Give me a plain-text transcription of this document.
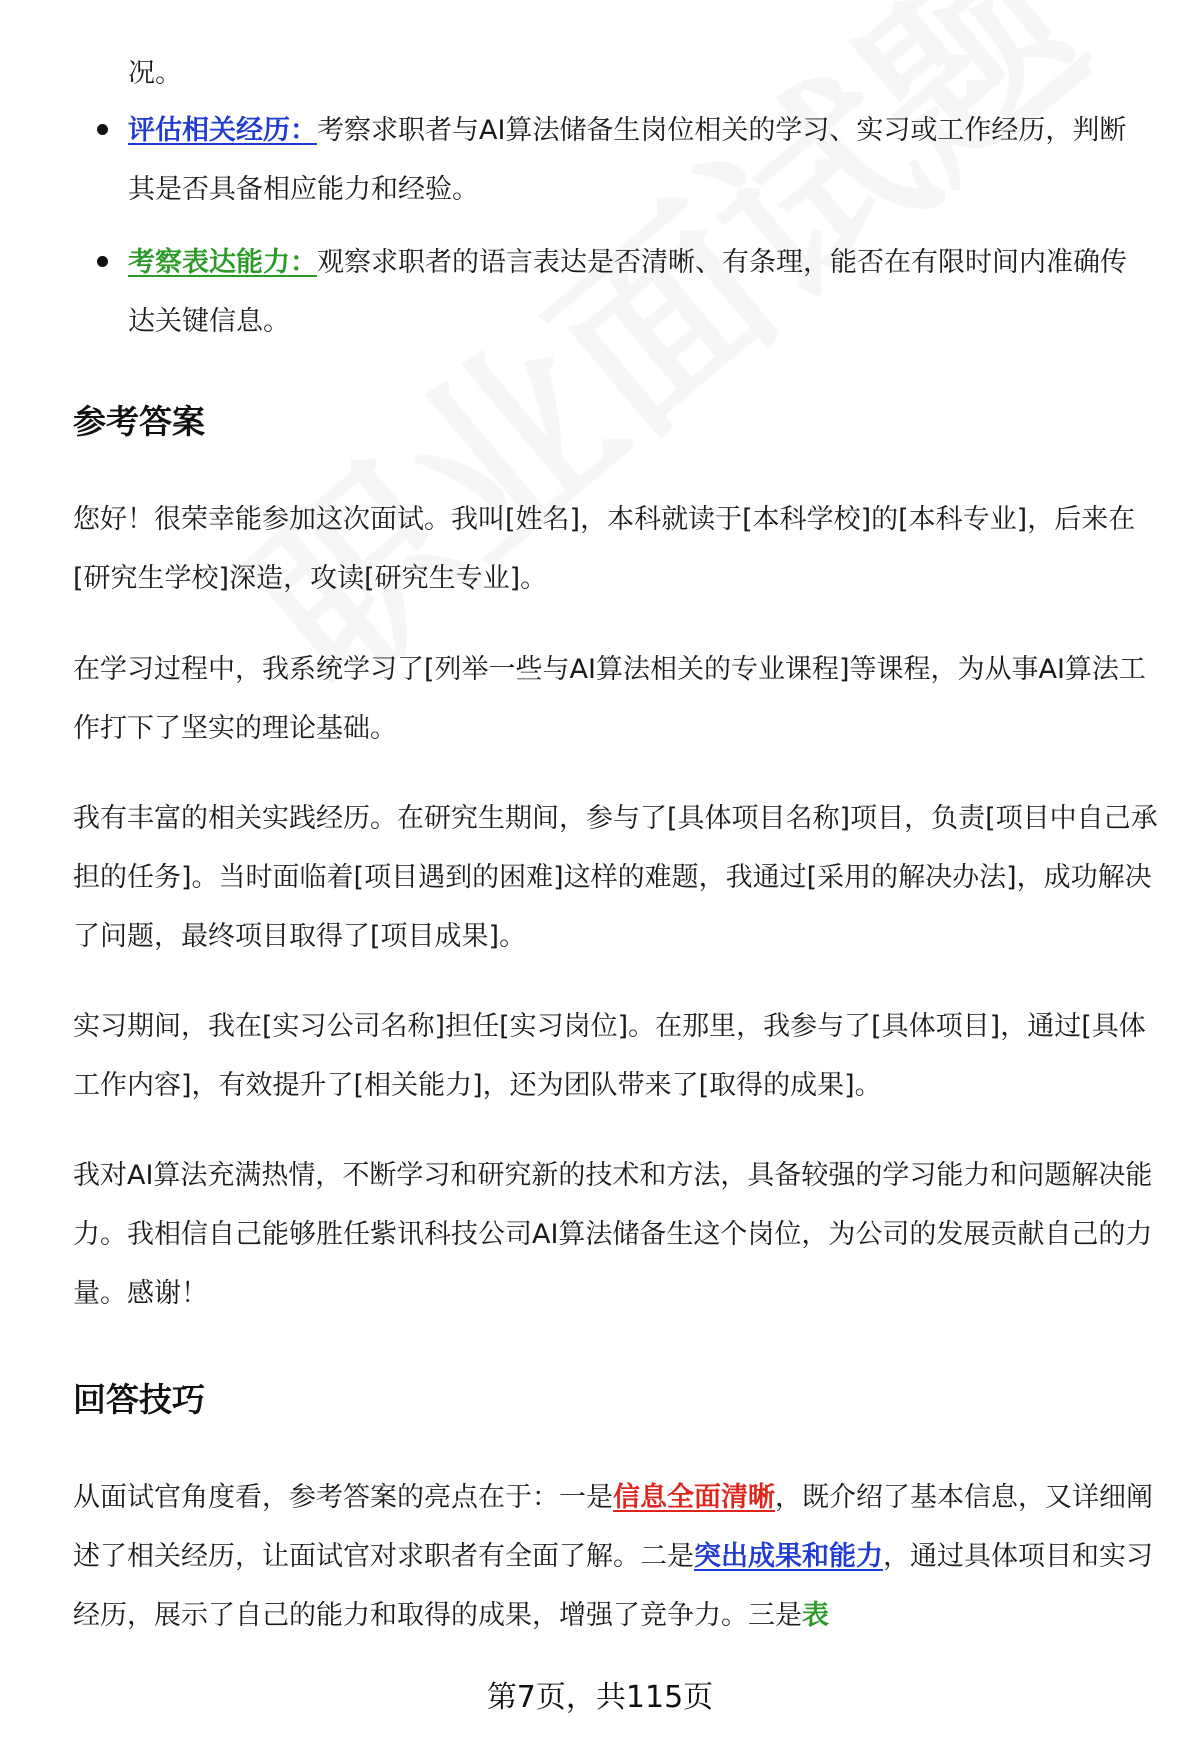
况。

评估相关经历：考察求职者与AI算法储备生岗位相关的学习、实习或工作经历，判断其是否具备相应能力和经验。

考察表达能力：观察求职者的语言表达是否清晰、有条理，能否在有限时间内准确传达关键信息。

参考答案

您好！很荣幸能参加这次面试。我叫[姓名]，本科就读于[本科学校]的[本科专业]，后来在[研究生学校]深造，攻读[研究生专业]。

在学习过程中，我系统学习了[列举一些与AI算法相关的专业课程]等课程，为从事AI算法工作打下了坚实的理论基础。

我有丰富的相关实践经历。在研究生期间，参与了[具体项目名称]项目，负责[项目中自己承担的任务]。当时面临着[项目遇到的困难]这样的难题，我通过[采用的解决办法]，成功解决了问题，最终项目取得了[项目成果]。

实习期间，我在[实习公司名称]担任[实习岗位]。在那里，我参与了[具体项目]，通过[具体工作内容]，有效提升了[相关能力]，还为团队带来了[取得的成果]。

我对AI算法充满热情，不断学习和研究新的技术和方法，具备较强的学习能力和问题解决能力。我相信自己能够胜任紫讯科技公司AI算法储备生这个岗位，为公司的发展贡献自己的力量。感谢！

回答技巧

从面试官角度看，参考答案的亮点在于：一是信息全面清晰，既介绍了基本信息，又详细阐述了相关经历，让面试官对求职者有全面了解。二是突出成果和能力，通过具体项目和实习经历，展示了自己的能力和取得的成果，增强了竞争力。三是表

第7页，共115页
